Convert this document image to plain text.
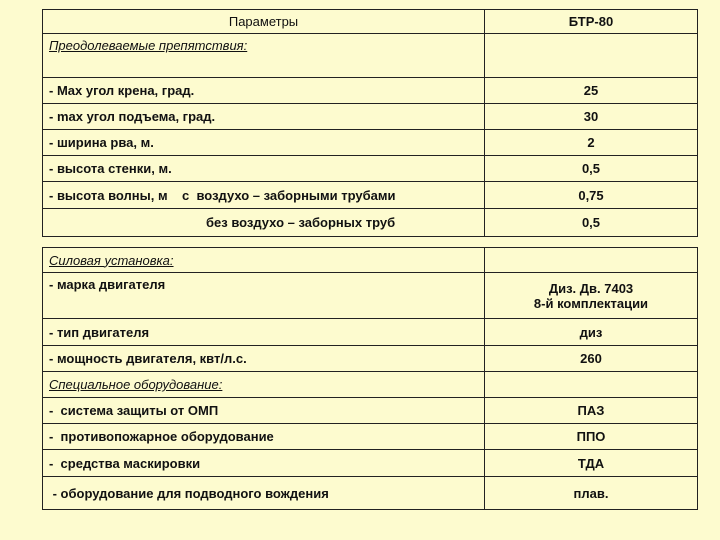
Параметры	БТР-80
Преодолеваемые препятствия:	
- Max угол крена, град.	25
- max угол подъема, град.	30
- ширина рва, м.	2
- высота стенки, м.	0,5
- высота волны, м    с  воздухо – заборными трубами	0,75
без воздухо – заборных труб	0,5
Силовая установка:	
- марка двигателя	Диз. Дв. 7403
8-й комплектации

- тип двигателя	диз
- мощность двигателя, квт/л.с.	260
Специальное оборудование:	
-  система защиты от ОМП	ПАЗ
-  противопожарное оборудование	ППО
-  средства маскировки	ТДА
- оборудование для подводного вождения	плав.
